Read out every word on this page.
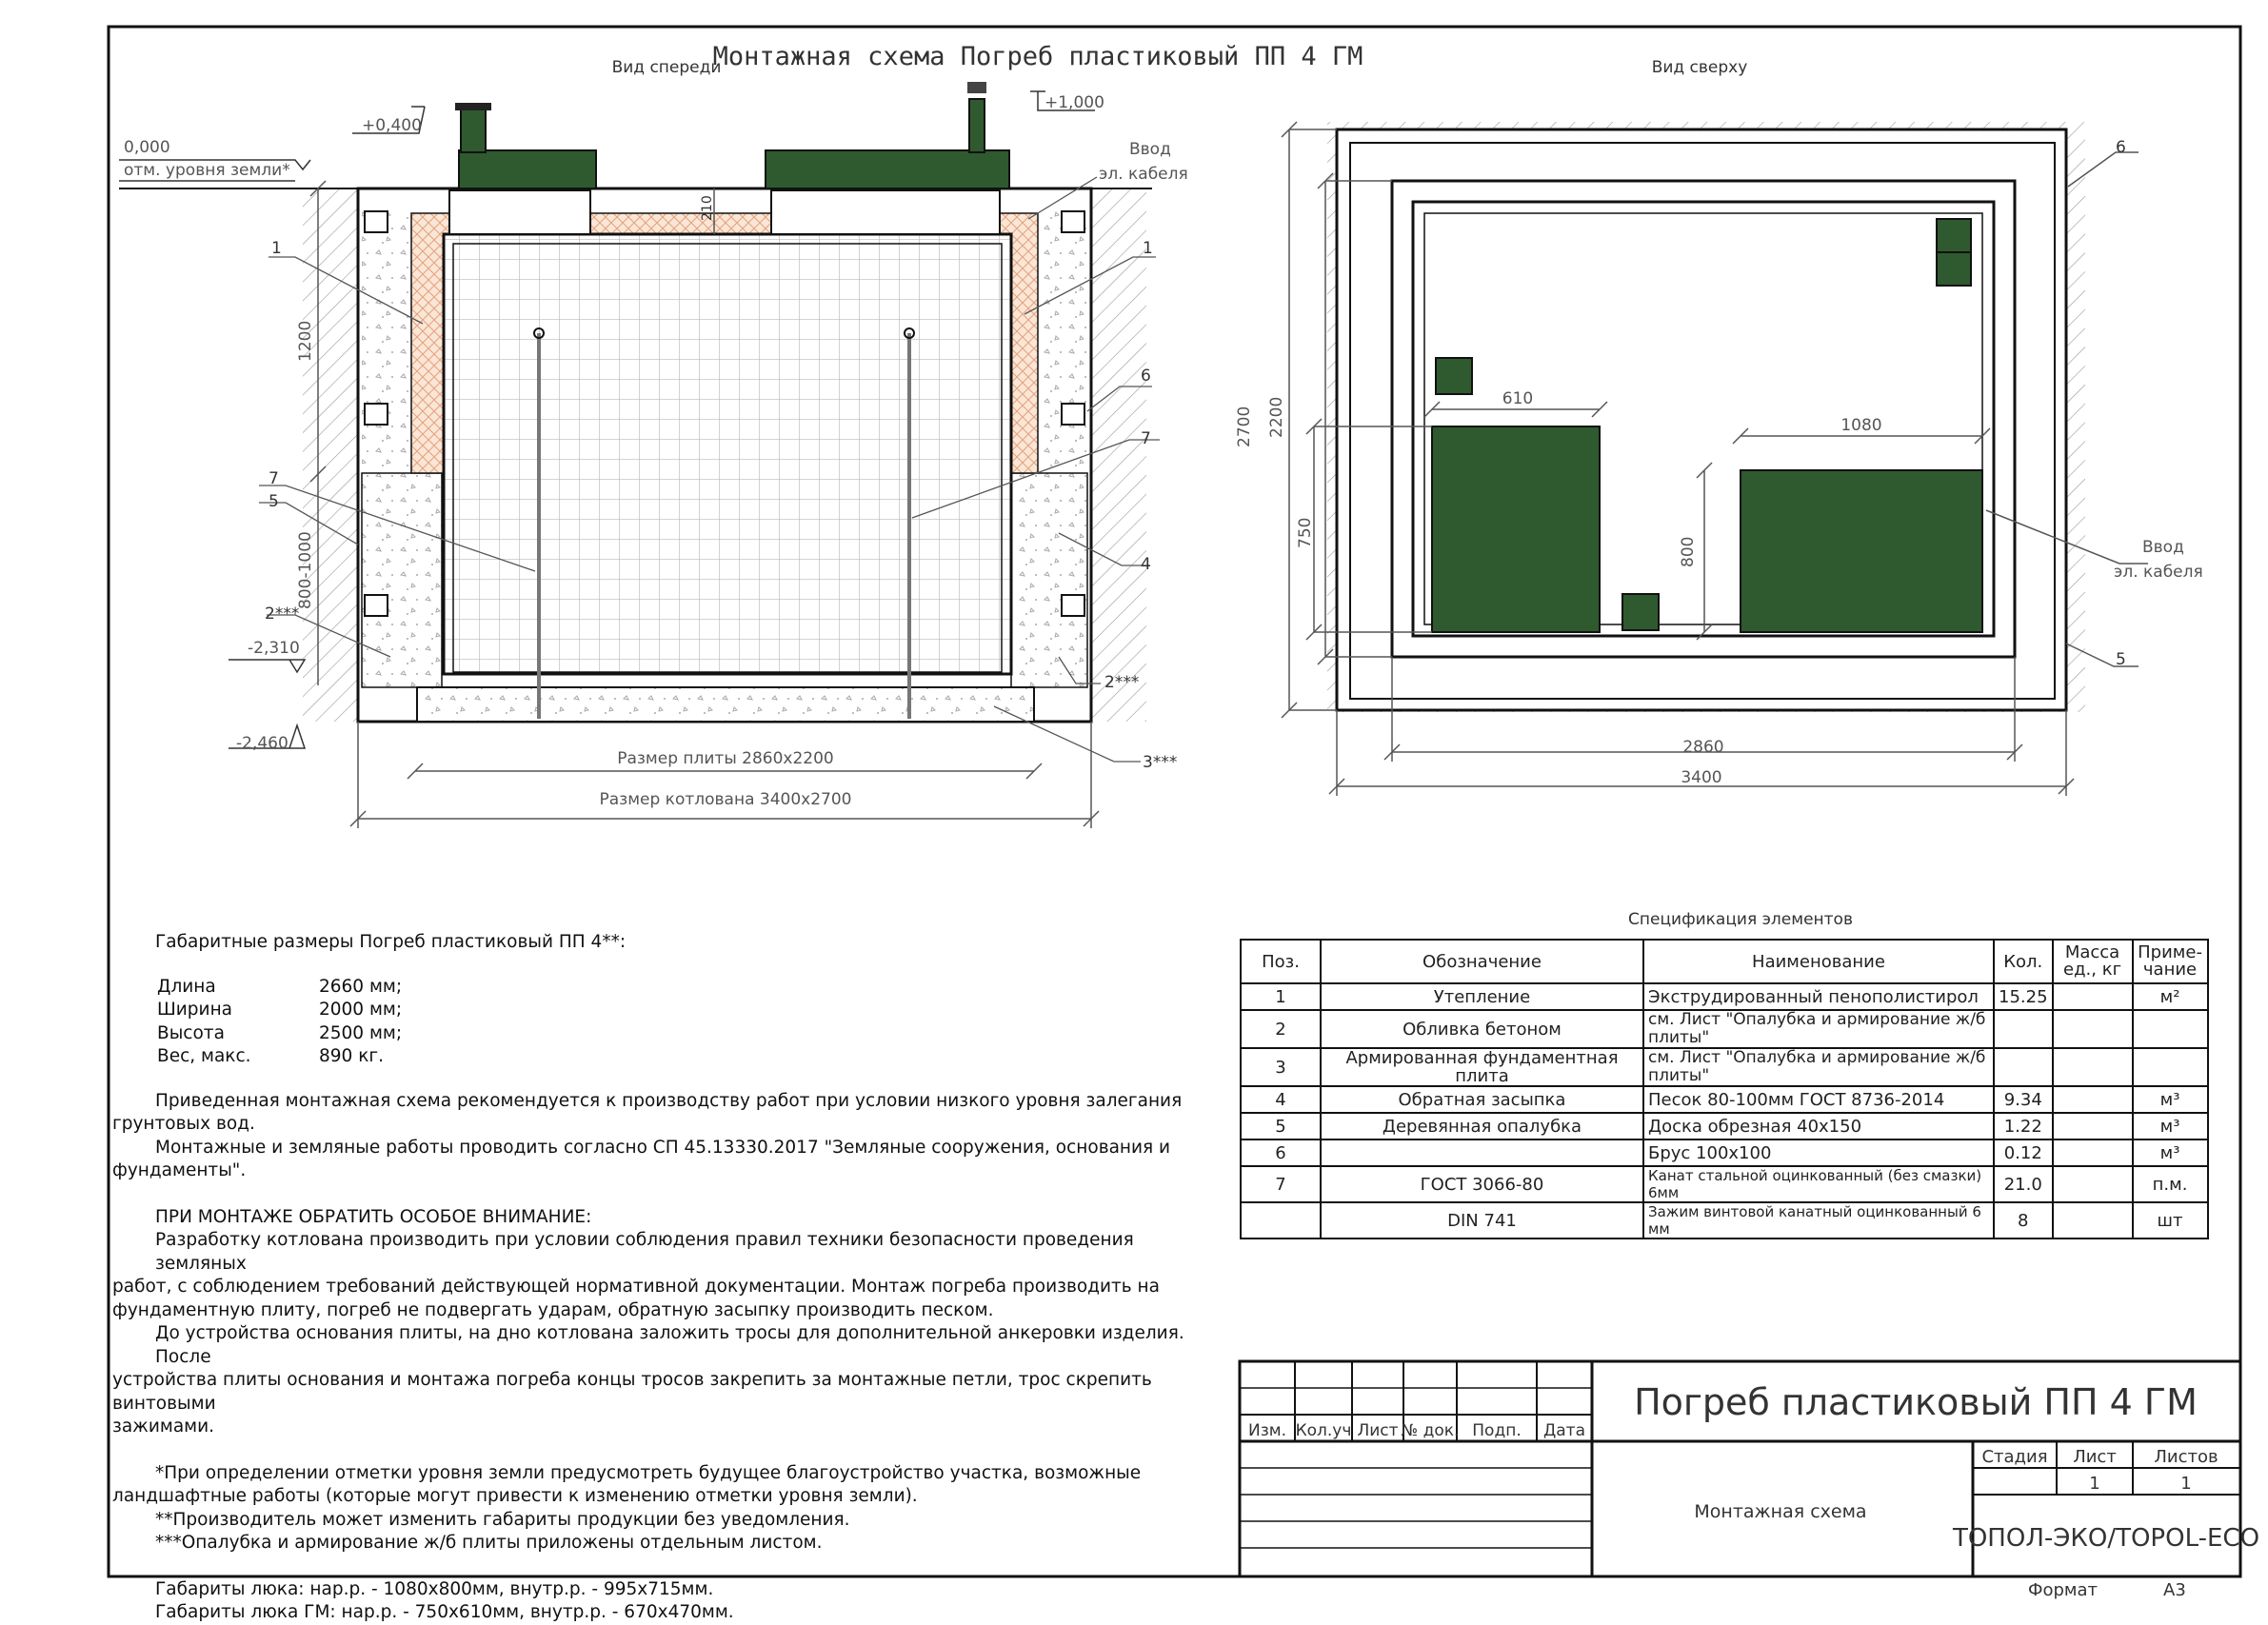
Монтажная схема Погреб пластиковый ПП 4 ГМ
Вид спереди	Вид сверху
0,000
отм. уровня земли*
+0,400
+1,000
-2,310
-2,460
1200
800-1000
210
Размер плиты 2860х2200
Размер котлована 3400х2700
Ввод
эл. кабеля
1	1
6
7
7
5
4
2***
2***
3***
2700 2200
750
610
1080
800
2860
3400
Ввод
эл. кабеля
6
5
Спецификация элементов

Габаритные размеры Погреб пластиковый ПП 4**:

Длина	2660 мм;
Ширина	2000 мм;
Высота	2500 мм;
Вес, макс.	890 кг.

Приведенная монтажная схема рекомендуется к производству работ при условии низкого уровня залегания

грунтовых вод.

Монтажные и земляные работы проводить согласно СП 45.13330.2017 "Земляные сооружения, основания и

фундаменты".

ПРИ МОНТАЖЕ ОБРАТИТЬ ОСОБОЕ ВНИМАНИЕ:

Разработку котлована производить при условии соблюдения правил техники безопасности проведения земляных

работ, с соблюдением требований действующей нормативной документации. Монтаж погреба производить на

фундаментную плиту, погреб не подвергать ударам, обратную засыпку производить песком.

До устройства основания плиты, на дно котлована заложить тросы для дополнительной анкеровки изделия. После

устройства плиты основания и монтажа погреба концы тросов закрепить за монтажные петли, трос скрепить винтовыми

зажимами.

*При определении отметки уровня земли предусмотреть будущее благоустройство участка, возможные

ландшафтные работы (которые могут привести к изменению отметки уровня земли).

**Производитель может изменить габариты продукции без уведомления.

***Опалубка и армирование ж/б плиты приложены отдельным листом.

Габариты люка: нар.р. - 1080х800мм, внутр.р. - 995х715мм.

Габариты люка ГМ: нар.р. - 750х610мм, внутр.р. - 670х470мм.

Поз.	Обозначение	Наименование	Кол.	Масса ед., кг	Приме-чание
1	Утепление	Экструдированный пенополистирол	15.25		м²
2	Обливка бетоном	см. Лист "Опалубка и армирование ж/б плиты"			
3	Армированная фундаментная плита	см. Лист "Опалубка и армирование ж/б плиты"			
4	Обратная засыпка	Песок 80-100мм ГОСТ 8736-2014	9.34		м³
5	Деревянная опалубка	Доска обрезная 40х150	1.22		м³
6		Брус 100х100	0.12		м³
7	ГОСТ 3066-80	Канат стальной оцинкованный (без смазки) 6мм	21.0		п.м.
	DIN 741	Зажим винтовой канатный оцинкованный 6 мм	8		шт
Изм. Кол.уч Лист № док. Подп. Дата
Погреб пластиковый ПП 4 ГМ
Монтажная схема
Стадия Лист Листов
1	1
ТОПОЛ-ЭКО/TOPOL-ECO
Формат	А3
